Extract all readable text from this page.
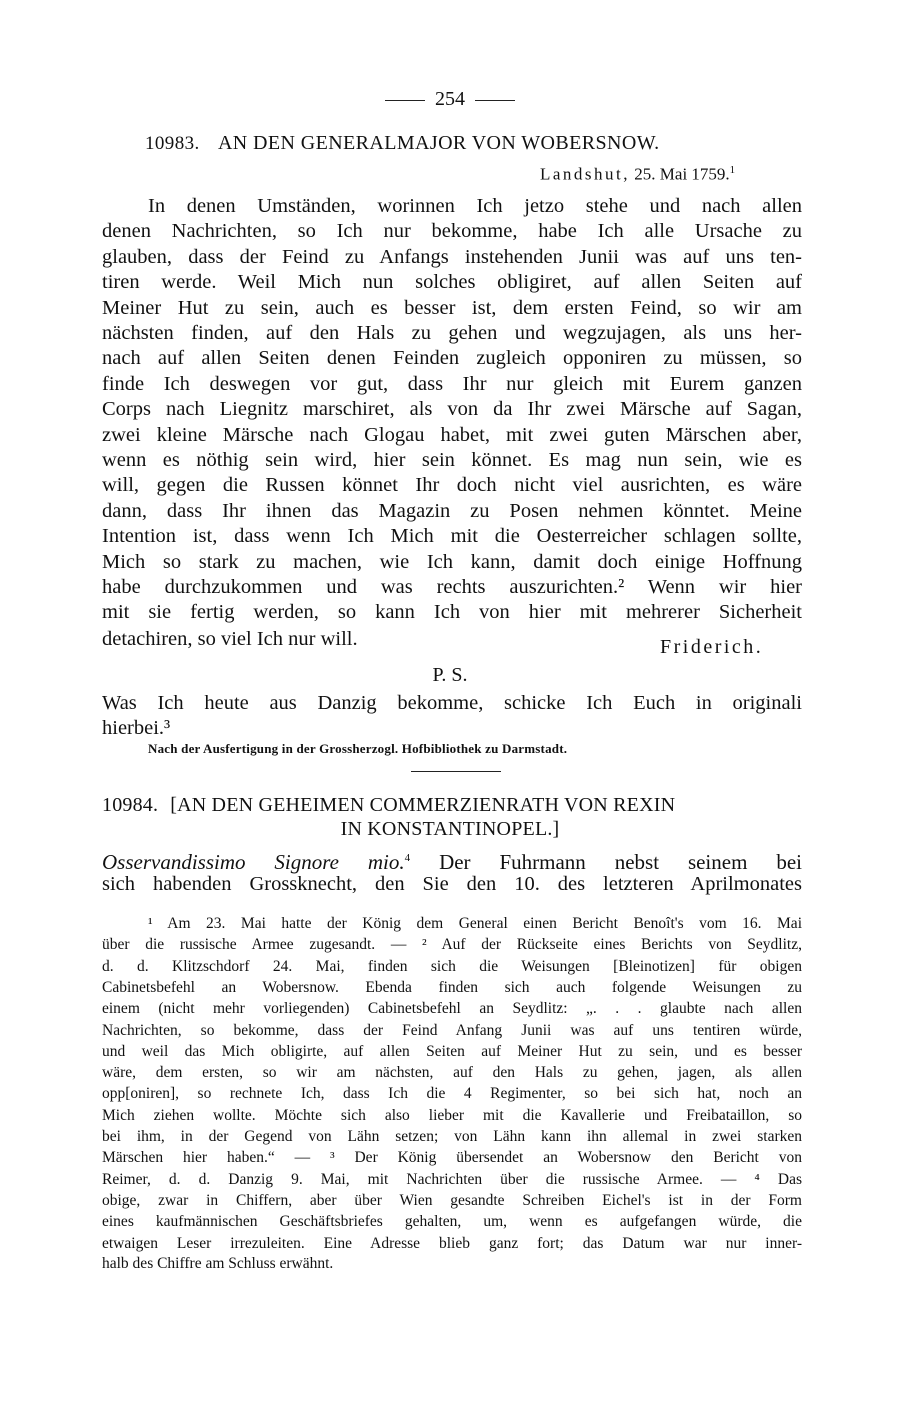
254
10983. AN DEN GENERALMAJOR VON WOBERSNOW.
Landshut, 25. Mai 1759.$^1$
In denen Umständen, worinnen Ich jetzo stehe und nach allen
denen Nachrichten, so Ich nur bekomme, habe Ich alle Ursache zu
glauben, dass der Feind zu Anfangs instehenden Junii was auf uns ten-
tiren werde. Weil Mich nun solches obligiret, auf allen Seiten auf
Meiner Hut zu sein, auch es besser ist, dem ersten Feind, so wir am
nächsten finden, auf den Hals zu gehen und wegzujagen, als uns her-
nach auf allen Seiten denen Feinden zugleich opponiren zu müssen, so
finde Ich deswegen vor gut, dass Ihr nur gleich mit Eurem ganzen
Corps nach Liegnitz marschiret, als von da Ihr zwei Märsche auf Sagan,
zwei kleine Märsche nach Glogau habet, mit zwei guten Märschen aber,
wenn es nöthig sein wird, hier sein könnet. Es mag nun sein, wie es
will, gegen die Russen könnet Ihr doch nicht viel ausrichten, es wäre
dann, dass Ihr ihnen das Magazin zu Posen nehmen könntet. Meine
Intention ist, dass wenn Ich Mich mit die Oesterreicher schlagen sollte,
Mich so stark zu machen, wie Ich kann, damit doch einige Hoffnung
habe durchzukommen und was rechts auszurichten.² Wenn wir hier
mit sie fertig werden, so kann Ich von hier mit mehrerer Sicherheit
detachiren, so viel Ich nur will.	Friderich.
P. S.
Was Ich heute aus Danzig bekomme, schicke Ich Euch in originali
hierbei.³
Nach der Ausfertigung in der Grossherzogl. Hofbibliothek zu Darmstadt.
10984. [AN DEN GEHEIMEN COMMERZIENRATH VON REXIN
IN KONSTANTINOPEL.]
Osservandissimo Signore mio.$^4$ Der Fuhrmann nebst seinem bei
sich habenden Grossknecht, den Sie den 10. des letzteren Aprilmonates
¹ Am 23. Mai hatte der König dem General einen Bericht Benoît's vom 16. Mai
über die russische Armee zugesandt. — ² Auf der Rückseite eines Berichts von Seydlitz,
d. d. Klitzschdorf 24. Mai, finden sich die Weisungen [Bleinotizen] für obigen
Cabinetsbefehl an Wobersnow. Ebenda finden sich auch folgende Weisungen zu
einem (nicht mehr vorliegenden) Cabinetsbefehl an Seydlitz: „. . . glaubte nach allen
Nachrichten, so bekomme, dass der Feind Anfang Junii was auf uns tentiren würde,
und weil das Mich obligirte, auf allen Seiten auf Meiner Hut zu sein, und es besser
wäre, dem ersten, so wir am nächsten, auf den Hals zu gehen, jagen, als allen
opp[oniren], so rechnete Ich, dass Ich die 4 Regimenter, so bei sich hat, noch an
Mich ziehen wollte. Möchte sich also lieber mit die Kavallerie und Freibataillon, so
bei ihm, in der Gegend von Lähn setzen; von Lähn kann ihn allemal in zwei starken
Märschen hier haben.“ — ³ Der König übersendet an Wobersnow den Bericht von
Reimer, d. d. Danzig 9. Mai, mit Nachrichten über die russische Armee. — ⁴ Das
obige, zwar in Chiffern, aber über Wien gesandte Schreiben Eichel's ist in der Form
eines kaufmännischen Geschäftsbriefes gehalten, um, wenn es aufgefangen würde, die
etwaigen Leser irrezuleiten. Eine Adresse blieb ganz fort; das Datum war nur inner-
halb des Chiffre am Schluss erwähnt.
